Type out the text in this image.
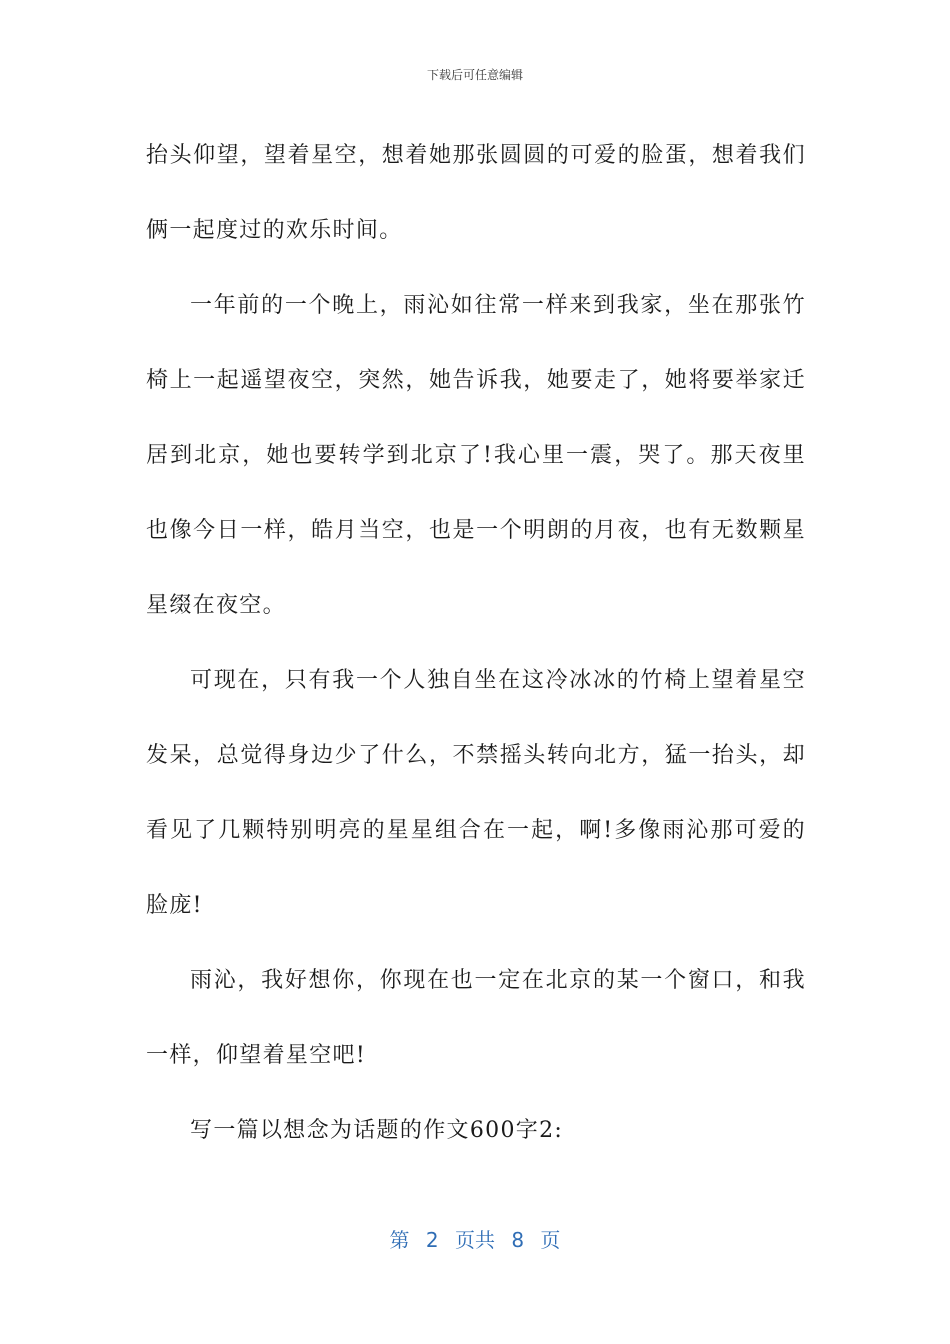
下载后可任意编辑

抬头仰望，望着星空，想着她那张圆圆的可爱的脸蛋，想着我们俩一起度过的欢乐时间。

一年前的一个晚上，雨沁如往常一样来到我家，坐在那张竹椅上一起遥望夜空，突然，她告诉我，她要走了，她将要举家迁居到北京，她也要转学到北京了!我心里一震，哭了。那天夜里也像今日一样，皓月当空，也是一个明朗的月夜，也有无数颗星星缀在夜空。

可现在，只有我一个人独自坐在这冷冰冰的竹椅上望着星空发呆，总觉得身边少了什么，不禁摇头转向北方，猛一抬头，却看见了几颗特别明亮的星星组合在一起，啊!多像雨沁那可爱的脸庞!

雨沁，我好想你，你现在也一定在北京的某一个窗口，和我一样，仰望着星空吧!

写一篇以想念为话题的作文600字2:

第 2 页共 8 页
